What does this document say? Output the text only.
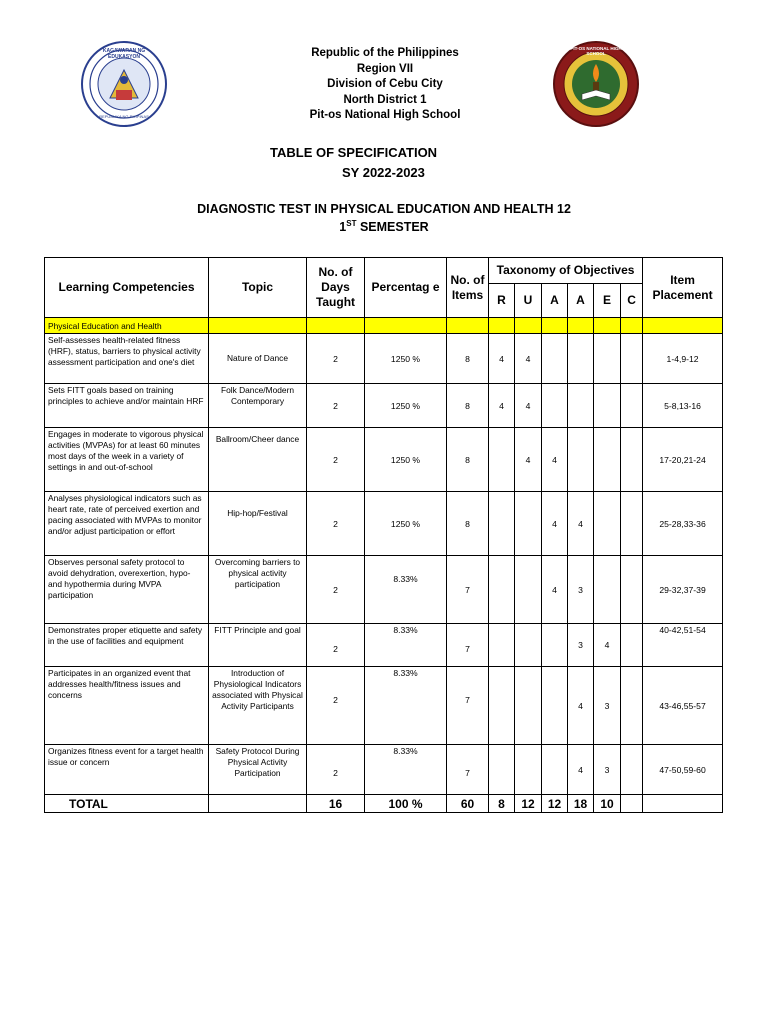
KAGAWARAN NG EDUKASYON
REPUBLIKA NG PILIPINAS
PIT-OS NATIONAL HIGH SCHOOL
Republic of the Philippines
Region VII
Division of Cebu City
North District 1
Pit-os National High School
TABLE OF SPECIFICATION
SY 2022-2023
DIAGNOSTIC TEST IN PHYSICAL EDUCATION AND HEALTH 12
1ST SEMESTER
Learning Competencies	Topic	No. of Days Taught	Percentag e	No. of Items	Taxonomy of Objectives						Item Placement
					R	U	A	A	E	C	
Physical Education and Health											
Self-assesses health-related fitness (HRF), status, barriers to physical activity assessment participation and one's diet	Nature of Dance	2	1250 %	8	4	4					1-4,9-12
Sets FITT goals based on training principles to achieve and/or maintain HRF	Folk Dance/Modern Contemporary	2	1250 %	8	4	4					5-8,13-16
Engages in moderate to vigorous physical activities (MVPAs) for at least 60 minutes most days of the week in a variety of settings in and out-of-school	Ballroom/Cheer dance	2	1250 %	8		4	4				17-20,21-24
Analyses physiological indicators such as heart rate, rate of perceived exertion and pacing associated with MVPAs to monitor and/or adjust participation or effort	Hip-hop/Festival	2	1250 %	8			4	4			25-28,33-36
Observes personal safety protocol to avoid dehydration, overexertion, hypo- and hypothermia during MVPA participation	Overcoming barriers to physical activity participation	2	8.33%	7			4	3			29-32,37-39
Demonstrates proper etiquette and safety in the use of facilities and equipment	FITT Principle and goal	2	8.33%	7				3	4		40-42,51-54
Participates in an organized event that addresses health/fitness issues and concerns	Introduction of Physiological Indicators associated with Physical Activity Participants	2	8.33%	7				4	3		43-46,55-57
Organizes fitness event for a target health issue or concern	Safety Protocol During Physical Activity Participation	2	8.33%	7				4	3		47-50,59-60
TOTAL		16	100 %	60	8	12	12	18	10		
